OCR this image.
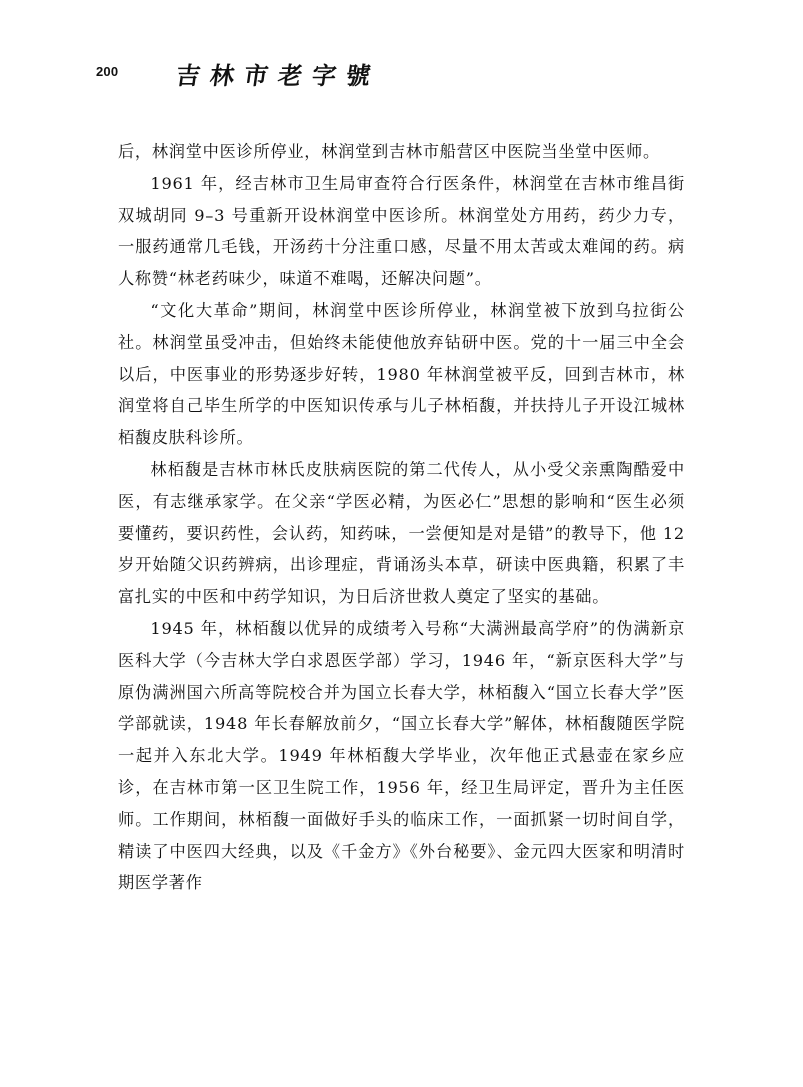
200 吉林市老字號

后，林润堂中医诊所停业，林润堂到吉林市船营区中医院当坐堂中医师。

1961 年，经吉林市卫生局审查符合行医条件，林润堂在吉林市维昌街双城胡同 9–3 号重新开设林润堂中医诊所。林润堂处方用药，药少力专，一服药通常几毛钱，开汤药十分注重口感，尽量不用太苦或太难闻的药。病人称赞“林老药味少，味道不难喝，还解决问题”。

“文化大革命”期间，林润堂中医诊所停业，林润堂被下放到乌拉街公社。林润堂虽受冲击，但始终未能使他放弃钻研中医。党的十一届三中全会以后，中医事业的形势逐步好转，1980 年林润堂被平反，回到吉林市，林润堂将自己毕生所学的中医知识传承与儿子林栢馥，并扶持儿子开设江城林栢馥皮肤科诊所。

林栢馥是吉林市林氏皮肤病医院的第二代传人，从小受父亲熏陶酷爱中医，有志继承家学。在父亲“学医必精，为医必仁”思想的影响和“医生必须要懂药，要识药性，会认药，知药味，一尝便知是对是错”的教导下，他 12 岁开始随父识药辨病，出诊理症，背诵汤头本草，研读中医典籍，积累了丰富扎实的中医和中药学知识，为日后济世救人奠定了坚实的基础。

1945 年，林栢馥以优异的成绩考入号称“大满洲最高学府”的伪满新京医科大学（今吉林大学白求恩医学部）学习，1946 年，“新京医科大学”与原伪满洲国六所高等院校合并为国立长春大学，林栢馥入“国立长春大学”医学部就读，1948 年长春解放前夕，“国立长春大学”解体，林栢馥随医学院一起并入东北大学。1949 年林栢馥大学毕业，次年他正式悬壶在家乡应诊，在吉林市第一区卫生院工作，1956 年，经卫生局评定，晋升为主任医师。工作期间，林栢馥一面做好手头的临床工作，一面抓紧一切时间自学，精读了中医四大经典，以及《千金方》《外台秘要》、金元四大医家和明清时期医学著作
